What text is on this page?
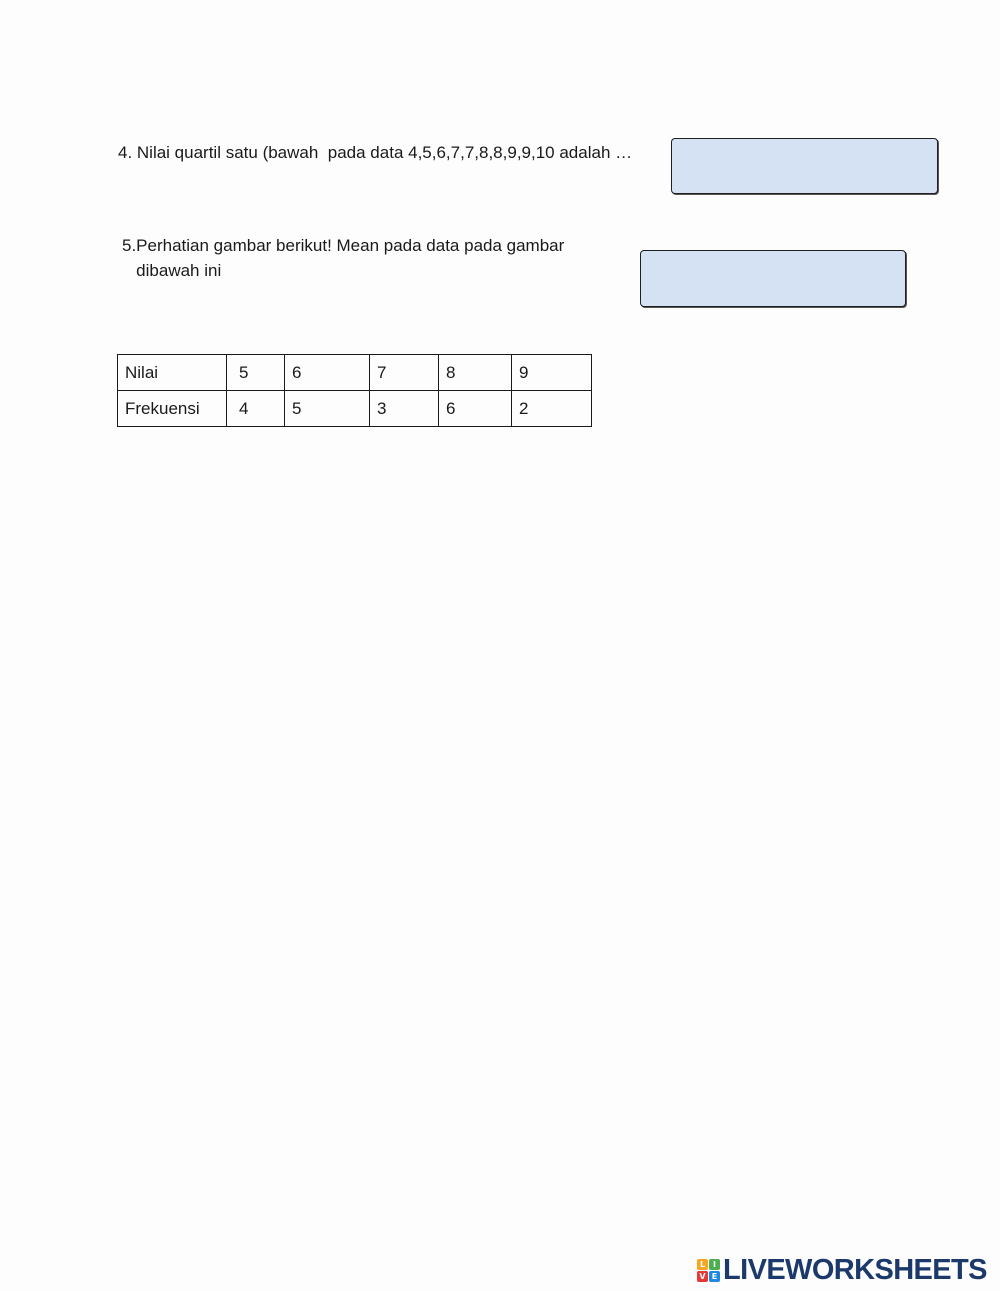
4. Nilai quartil satu (bawah  pada data 4,5,6,7,7,8,8,9,9,10 adalah …
5.Perhatian gambar berikut! Mean pada data pada gambar
dibawah ini
Nilai	5	6	7	8	9
Frekuensi	4	5	3	6	2
L I
V E LIVEWORKSHEETS
